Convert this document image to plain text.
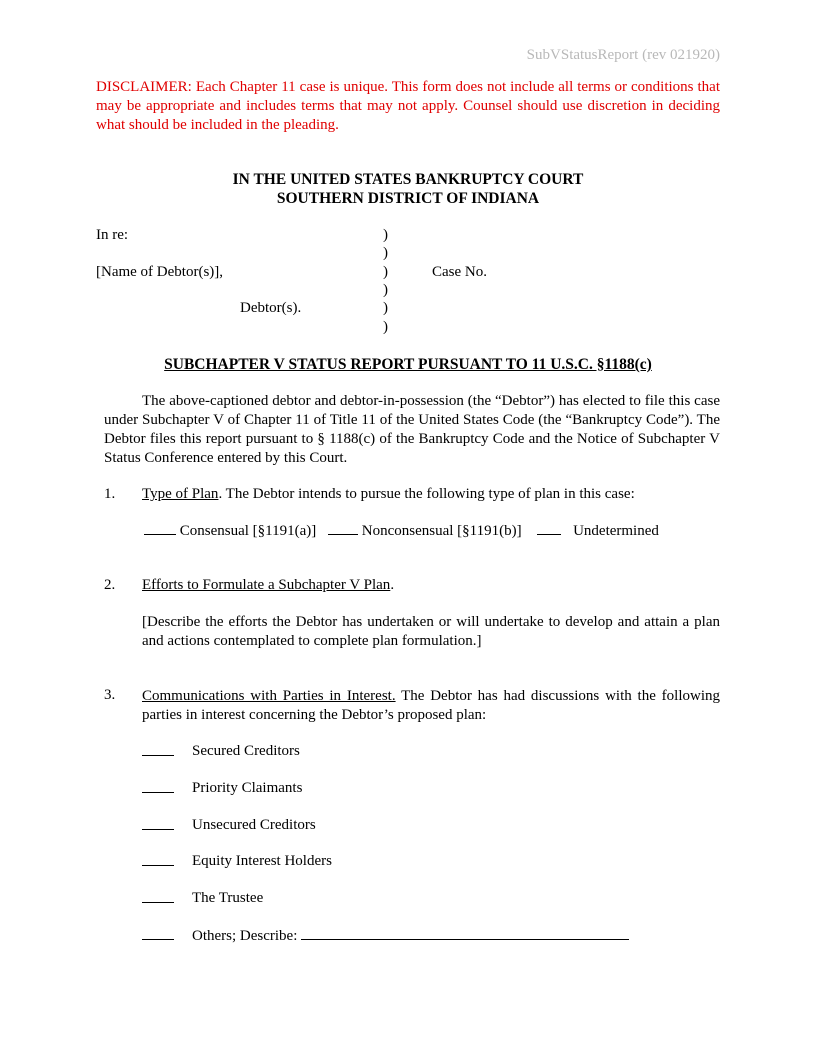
SubVStatusReport (rev 021920)
DISCLAIMER: Each Chapter 11 case is unique. This form does not include all terms or conditions that may be appropriate and includes terms that may not apply. Counsel should use discretion in deciding what should be included in the pleading.
IN THE UNITED STATES BANKRUPTCY COURT
SOUTHERN DISTRICT OF INDIANA
In re:
[Name of Debtor(s)],	Case No.
Debtor(s).
)
)
)
)
)
)
SUBCHAPTER V STATUS REPORT PURSUANT TO 11 U.S.C. §1188(c)
The above-captioned debtor and debtor-in-possession (the “Debtor”) has elected to file this case under Subchapter V of Chapter 11 of Title 11 of the United States Code (the “Bankruptcy Code”). The Debtor files this report pursuant to § 1188(c) of the Bankruptcy Code and the Notice of Subchapter V Status Conference entered by this Court.
1. Type of Plan. The Debtor intends to pursue the following type of plan in this case:
Consensual [§1191(a)]	Nonconsensual [§1191(b)]	Undetermined
2. Efforts to Formulate a Subchapter V Plan.
[Describe the efforts the Debtor has undertaken or will undertake to develop and attain a plan and actions contemplated to complete plan formulation.]
3. Communications with Parties in Interest. The Debtor has had discussions with the following parties in interest concerning the Debtor’s proposed plan:
Secured Creditors
Priority Claimants
Unsecured Creditors
Equity Interest Holders
The Trustee
Others; Describe:
